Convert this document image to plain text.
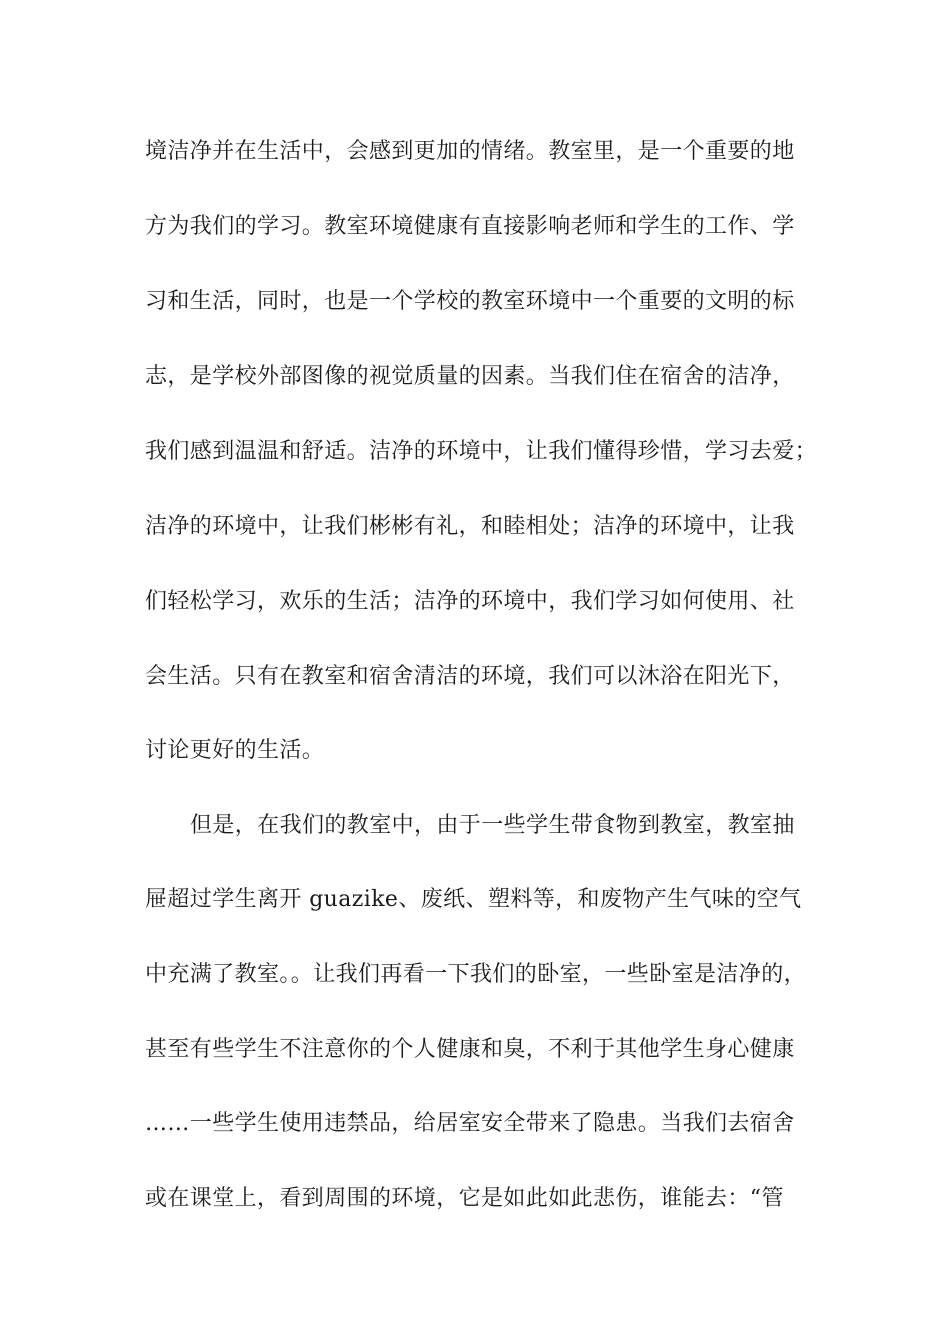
境洁净并在生活中，会感到更加的情绪。教室里，是一个重要的地
方为我们的学习。教室环境健康有直接影响老师和学生的工作、学
习和生活，同时，也是一个学校的教室环境中一个重要的文明的标
志，是学校外部图像的视觉质量的因素。当我们住在宿舍的洁净，
我们感到温温和舒适。洁净的环境中，让我们懂得珍惜，学习去爱；
洁净的环境中，让我们彬彬有礼，和睦相处；洁净的环境中，让我
们轻松学习，欢乐的生活；洁净的环境中，我们学习如何使用、社
会生活。只有在教室和宿舍清洁的环境，我们可以沐浴在阳光下，
讨论更好的生活。
但是，在我们的教室中，由于一些学生带食物到教室，教室抽
屉超过学生离开 guazike、废纸、塑料等，和废物产生气味的空气
中充满了教室。。让我们再看一下我们的卧室，一些卧室是洁净的，
甚至有些学生不注意你的个人健康和臭，不利于其他学生身心健康
……一些学生使用违禁品，给居室安全带来了隐患。当我们去宿舍
或在课堂上，看到周围的环境，它是如此如此悲伤，谁能去：“管
